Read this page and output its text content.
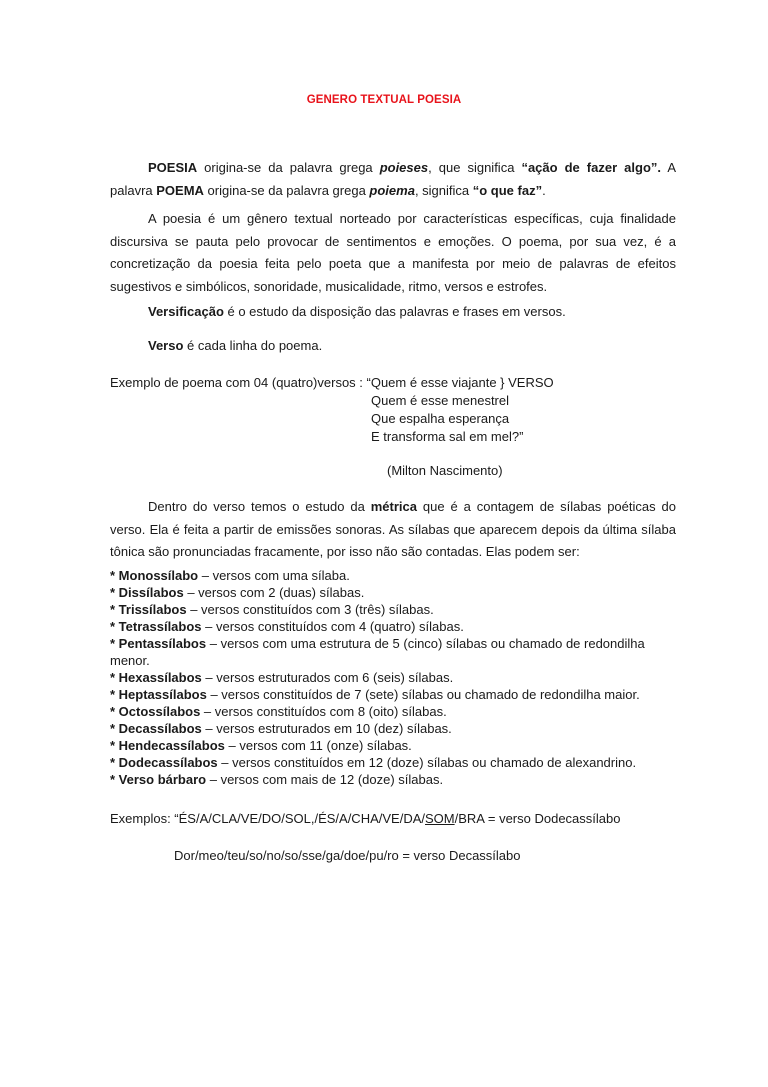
GENERO TEXTUAL POESIA

POESIA origina-se da palavra grega poieses, que significa “ação de fazer algo”. A palavra POEMA origina-se da palavra grega poiema, significa “o que faz”.

A poesia é um gênero textual norteado por características específicas, cuja finalidade discursiva se pauta pelo provocar de sentimentos e emoções. O poema, por sua vez, é a concretização da poesia feita pelo poeta que a manifesta por meio de palavras de efeitos sugestivos e simbólicos, sonoridade, musicalidade, ritmo, versos e estrofes.

Versificação é o estudo da disposição das palavras e frases em versos.

Verso é cada linha do poema.

Exemplo de poema com 04 (quatro)versos : “Quem é esse viajante } VERSO

Quem é esse menestrel

Que espalha esperança

E transforma sal em mel?”

(Milton Nascimento)

Dentro do verso temos o estudo da métrica que é a contagem de sílabas poéticas do verso. Ela é feita a partir de emissões sonoras. As sílabas que aparecem depois da última sílaba tônica são pronunciadas fracamente, por isso não são contadas. Elas podem ser:

* Monossílabo – versos com uma sílaba.

* Dissílabos – versos com 2 (duas) sílabas.

* Trissílabos – versos constituídos com 3 (três) sílabas.

* Tetrassílabos – versos constituídos com 4 (quatro) sílabas.

* Pentassílabos – versos com uma estrutura de 5 (cinco) sílabas ou chamado de redondilha

menor.

* Hexassílabos – versos estruturados com 6 (seis) sílabas.

* Heptassílabos – versos constituídos de 7 (sete) sílabas ou chamado de redondilha maior.

* Octossílabos – versos constituídos com 8 (oito) sílabas.

* Decassílabos – versos estruturados em 10 (dez) sílabas.

* Hendecassílabos – versos com 11 (onze) sílabas.

* Dodecassílabos – versos constituídos em 12 (doze) sílabas ou chamado de alexandrino.

* Verso bárbaro – versos com mais de 12 (doze) sílabas.

Exemplos: “ÉS/A/CLA/VE/DO/SOL,/ÉS/A/CHA/VE/DA/SOM/BRA = verso Dodecassílabo

Dor/meo/teu/so/no/so/sse/ga/doe/pu/ro = verso Decassílabo
